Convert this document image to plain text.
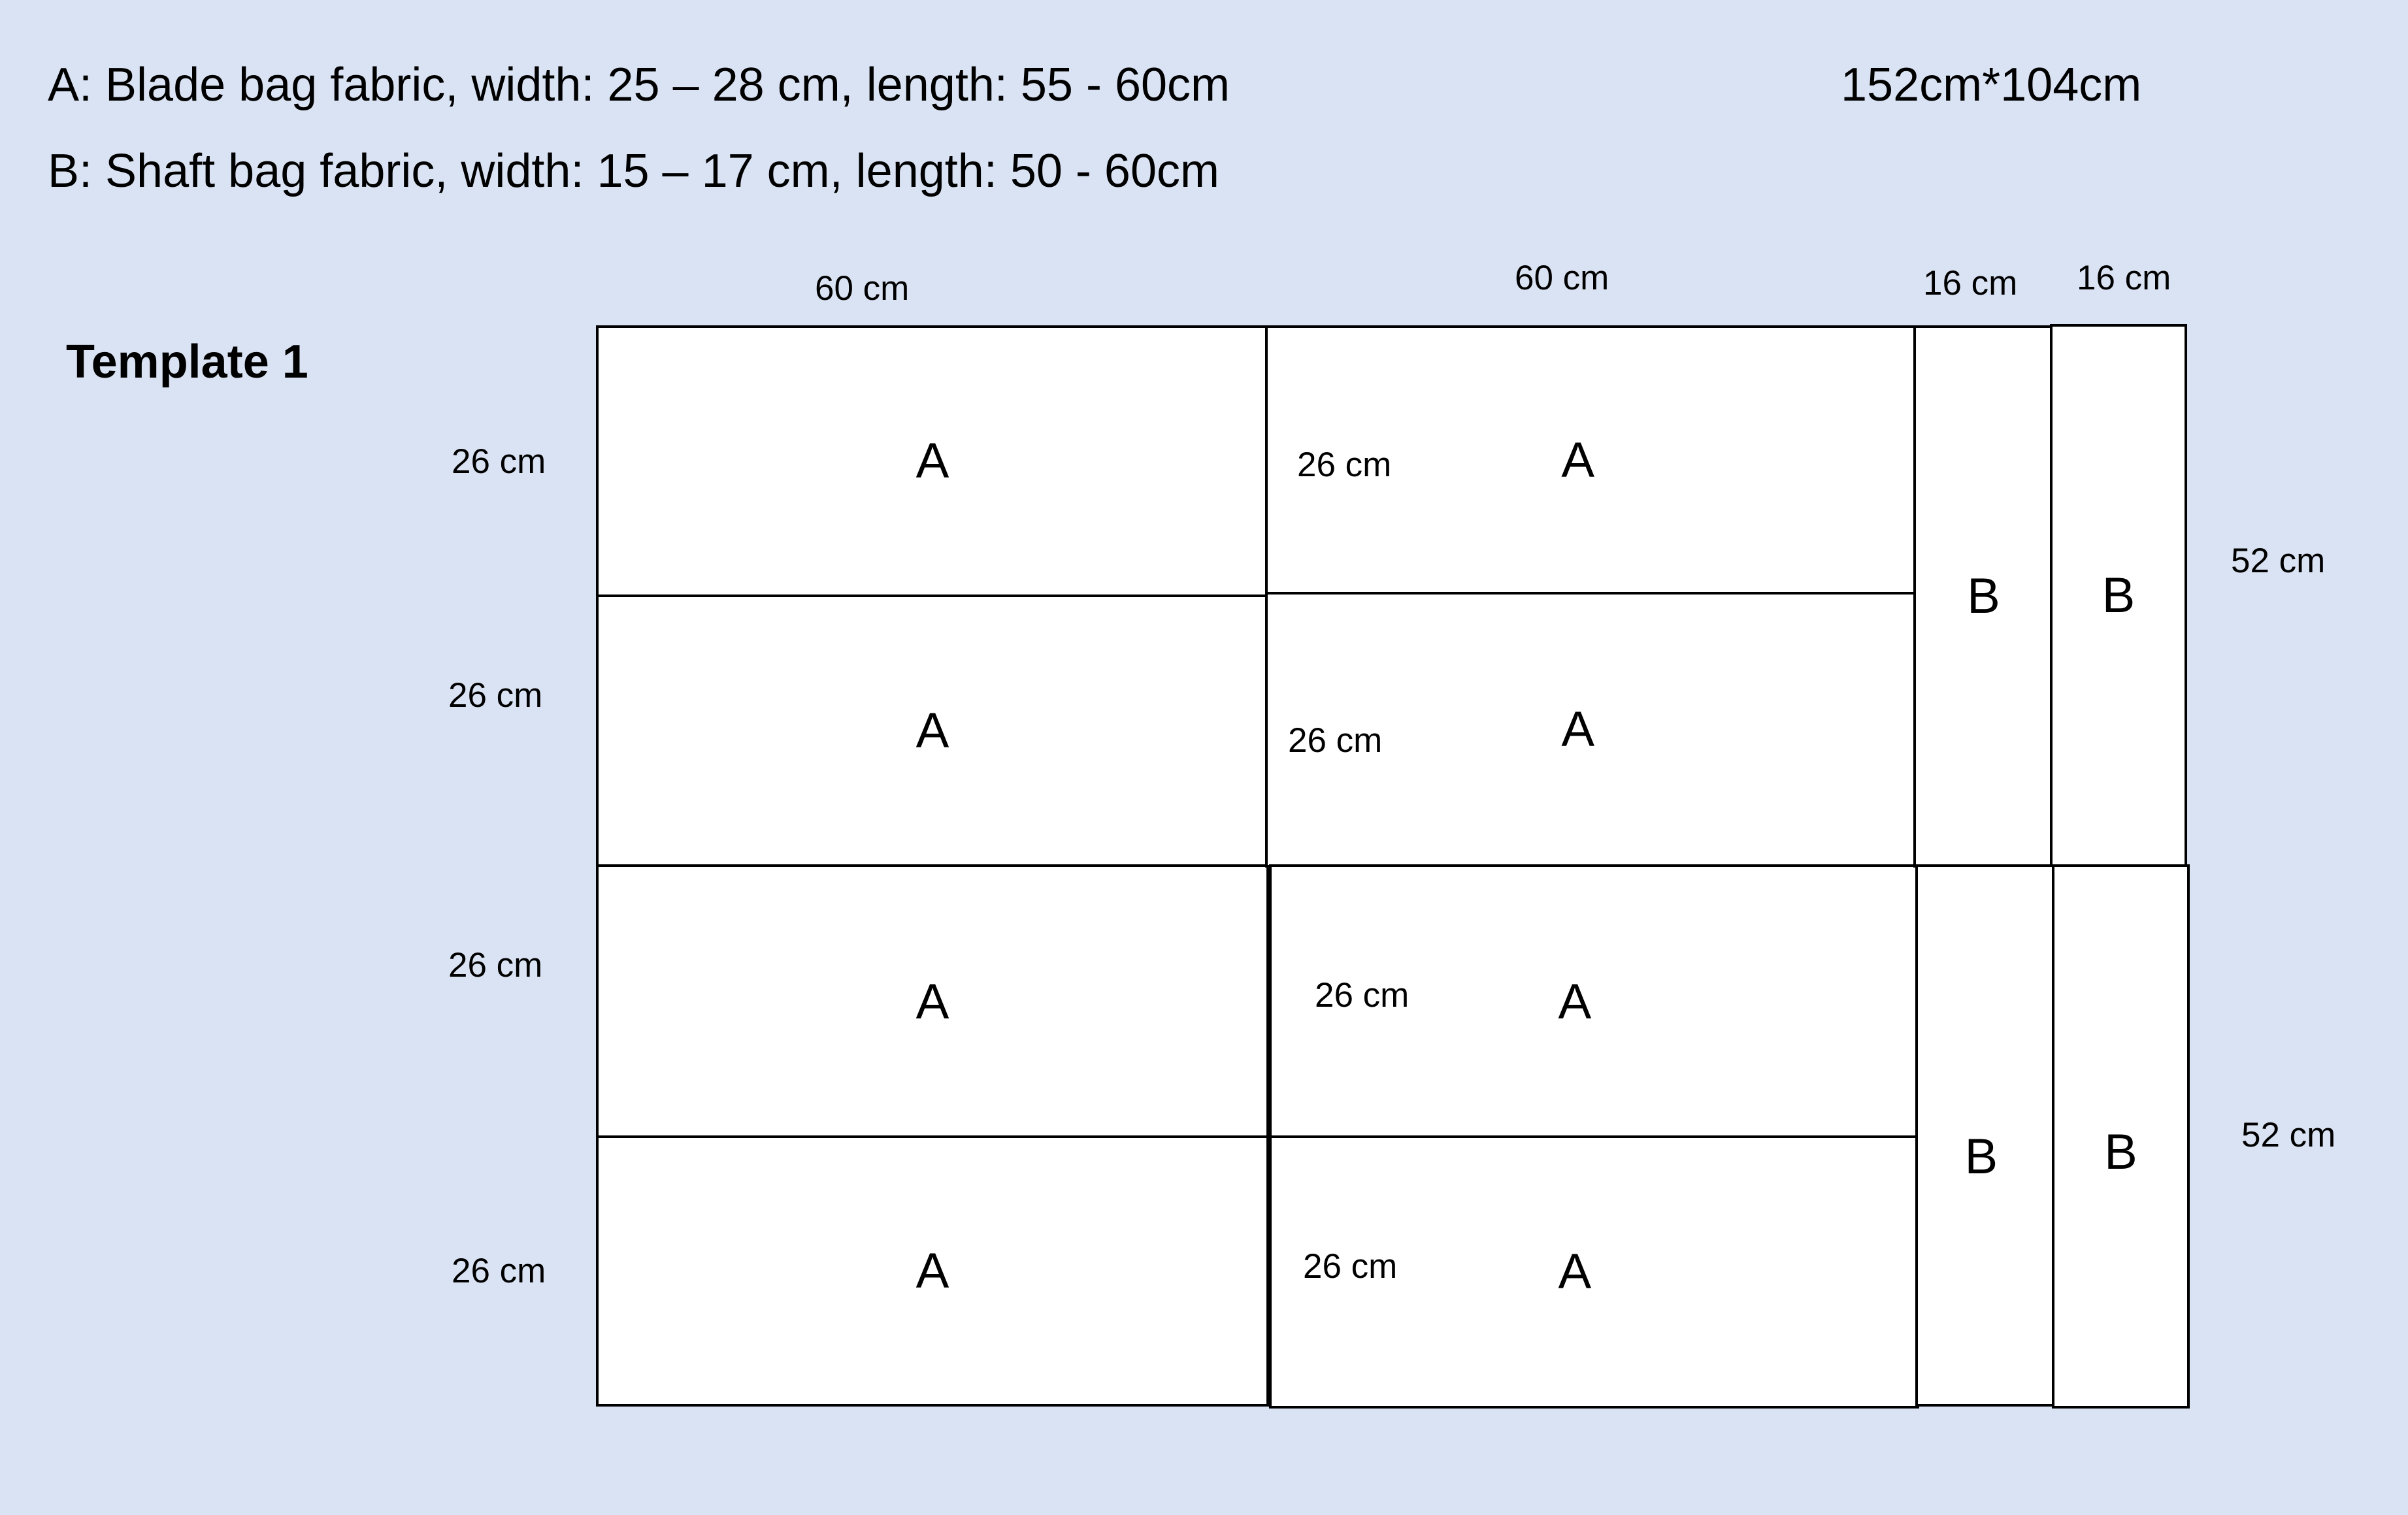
A: Blade bag fabric, width: 25 – 28 cm, length: 55 - 60cm
B: Shaft bag fabric, width: 15 – 17 cm, length: 50 - 60cm
152cm*104cm
Template 1
60 cm	60 cm	16 cm 16 cm
26 cm
26 cm
26 cm
26 cm
52 cm
52 cm
A
A
A
A
26 cm	A
26 cm	A
26 cm	A
26 cm	A
B B
B B
